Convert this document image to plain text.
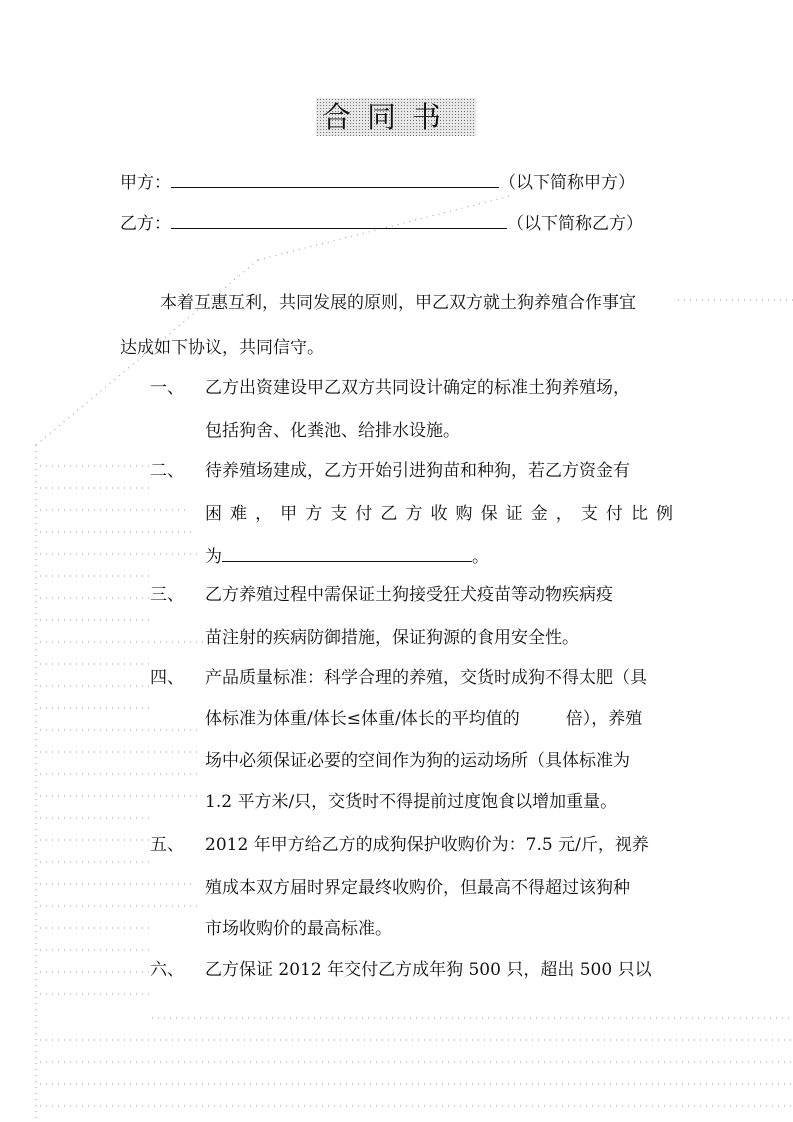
合同书
甲方：	（以下简称甲方）
乙方：	（以下简称乙方）
本着互惠互利，共同发展的原则，甲乙双方就土狗养殖合作事宜
达成如下协议，共同信守。
一、 乙方出资建设甲乙双方共同设计确定的标准土狗养殖场，
包括狗舍、化粪池、给排水设施。
二、 待养殖场建成，乙方开始引进狗苗和种狗，若乙方资金有
困难，甲方支付乙方收购保证金，支付比例
为	。
三、 乙方养殖过程中需保证土狗接受狂犬疫苗等动物疾病疫
苗注射的疾病防御措施，保证狗源的食用安全性。
四、 产品质量标准：科学合理的养殖，交货时成狗不得太肥（具
体标准为体重/体长≤体重/体长的平均值的	倍），养殖
场中必须保证必要的空间作为狗的运动场所（具体标准为
1.2 平方米/只，交货时不得提前过度饱食以增加重量。
五、 2012 年甲方给乙方的成狗保护收购价为：7.5 元/斤，视养
殖成本双方届时界定最终收购价，但最高不得超过该狗种
市场收购价的最高标准。
六、 乙方保证 2012 年交付乙方成年狗 500 只，超出 500 只以
